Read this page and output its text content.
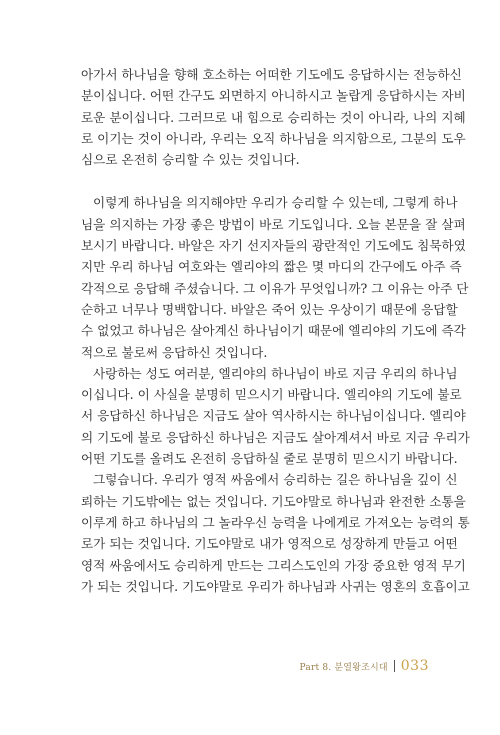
아가서 하나님을 향해 호소하는 어떠한 기도에도 응답하시는 전능하신
분이십니다. 어떤 간구도 외면하지 아니하시고 놀랍게 응답하시는 자비
로운 분이십니다. 그러므로 내 힘으로 승리하는 것이 아니라, 나의 지혜
로 이기는 것이 아니라, 우리는 오직 하나님을 의지함으로, 그분의 도우
심으로 온전히 승리할 수 있는 것입니다.
이렇게 하나님을 의지해야만 우리가 승리할 수 있는데, 그렇게 하나
님을 의지하는 가장 좋은 방법이 바로 기도입니다. 오늘 본문을 잘 살펴
보시기 바랍니다. 바알은 자기 선지자들의 광란적인 기도에도 침묵하였
지만 우리 하나님 여호와는 엘리야의 짧은 몇 마디의 간구에도 아주 즉
각적으로 응답해 주셨습니다. 그 이유가 무엇입니까? 그 이유는 아주 단
순하고 너무나 명백합니다. 바알은 죽어 있는 우상이기 때문에 응답할
수 없었고 하나님은 살아계신 하나님이기 때문에 엘리야의 기도에 즉각
적으로 불로써 응답하신 것입니다.
사랑하는 성도 여러분, 엘리야의 하나님이 바로 지금 우리의 하나님
이십니다. 이 사실을 분명히 믿으시기 바랍니다. 엘리야의 기도에 불로
서 응답하신 하나님은 지금도 살아 역사하시는 하나님이십니다. 엘리야
의 기도에 불로 응답하신 하나님은 지금도 살아계셔서 바로 지금 우리가
어떤 기도를 올려도 온전히 응답하실 줄로 분명히 믿으시기 바랍니다.
그렇습니다. 우리가 영적 싸움에서 승리하는 길은 하나님을 깊이 신
뢰하는 기도밖에는 없는 것입니다. 기도야말로 하나님과 완전한 소통을
이루게 하고 하나님의 그 놀라우신 능력을 나에게로 가져오는 능력의 통
로가 되는 것입니다. 기도야말로 내가 영적으로 성장하게 만들고 어떤
영적 싸움에서도 승리하게 만드는 그리스도인의 가장 중요한 영적 무기
가 되는 것입니다. 기도야말로 우리가 하나님과 사귀는 영혼의 호흡이고
Part 8. 분열왕조시대 033
